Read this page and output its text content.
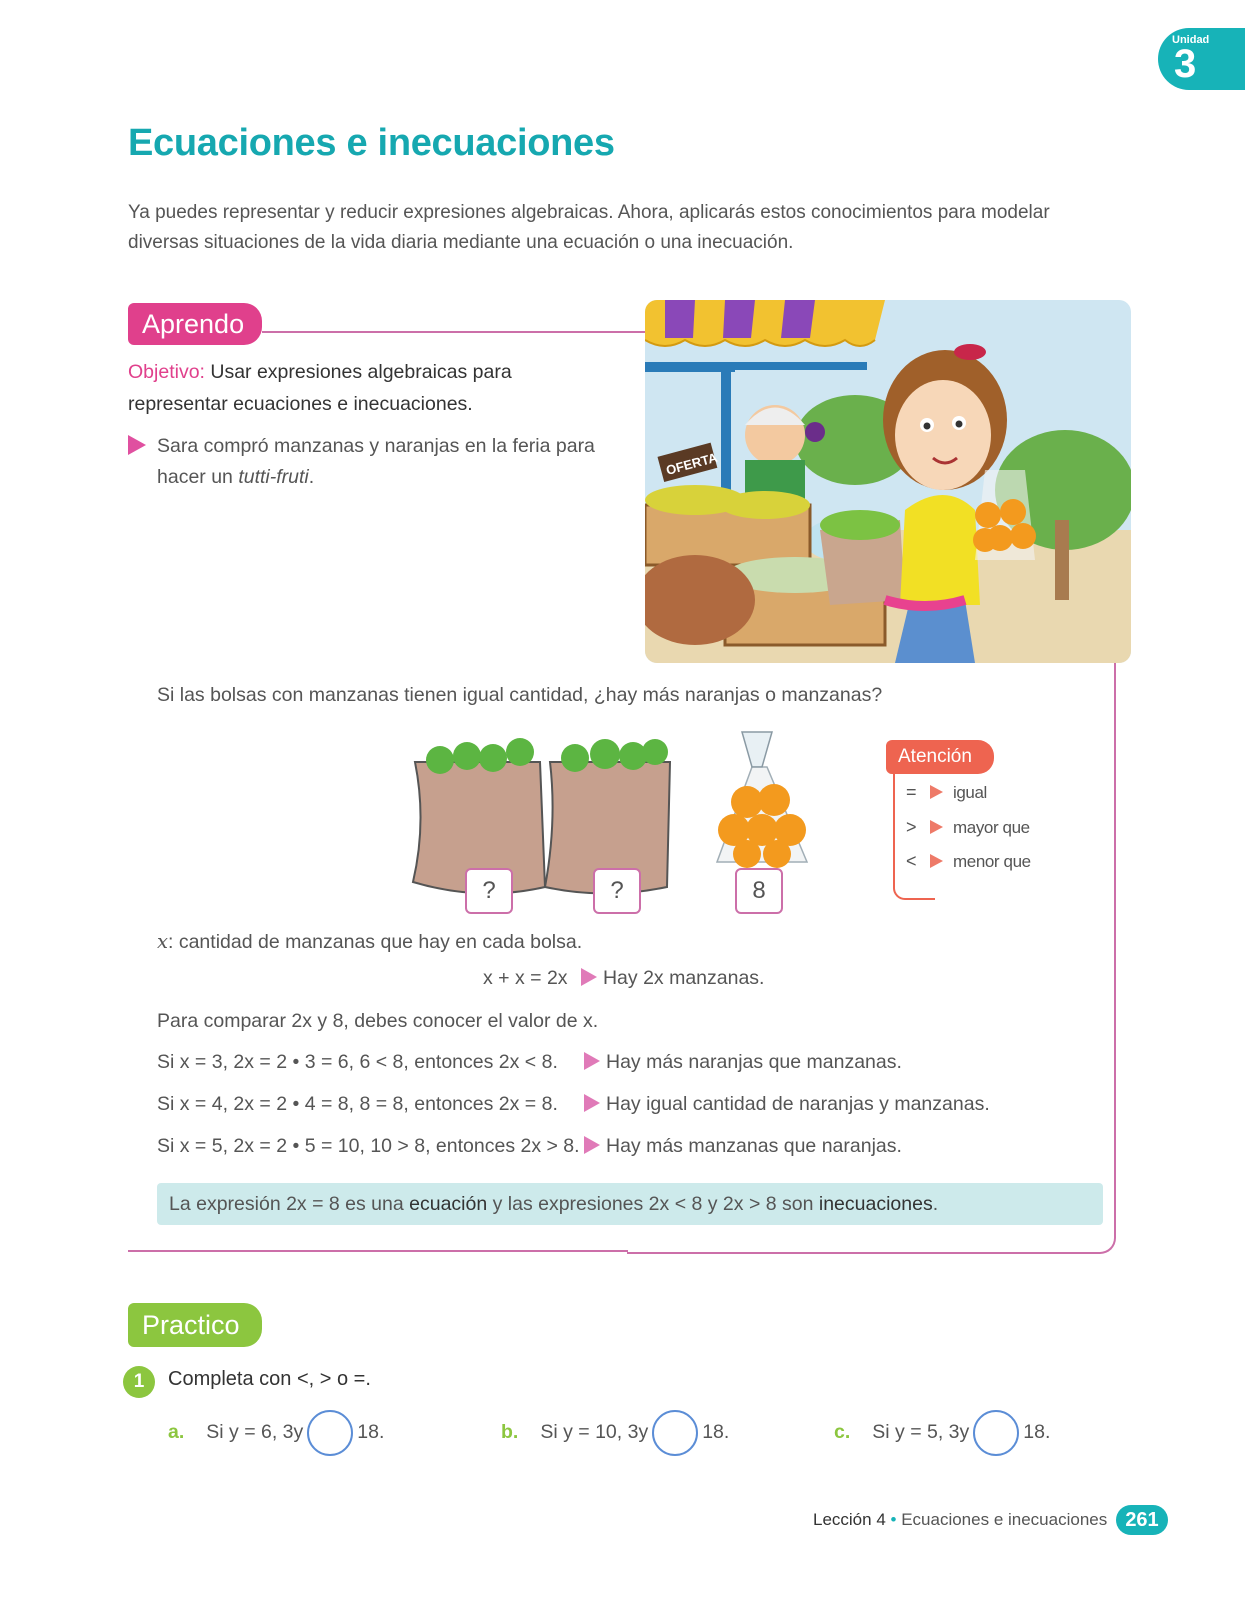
Unidad
3
Ecuaciones e inecuaciones
Ya puedes representar y reducir expresiones algebraicas. Ahora, aplicarás estos conocimientos para modelar diversas situaciones de la vida diaria mediante una ecuación o una inecuación.
Aprendo
Objetivo: Usar expresiones algebraicas para representar ecuaciones e inecuaciones.
Sara compró manzanas y naranjas en la feria para hacer un tutti-fruti.	OFERTA
Si las bolsas con manzanas tienen igual cantidad, ¿hay más naranjas o manzanas?
?	?	8
Atención
= igual
> mayor que
< menor que
x: cantidad de manzanas que hay en cada bolsa.
x + x = 2x Hay 2x manzanas.
Para comparar 2x y 8, debes conocer el valor de x.
Si x = 3, 2x = 2 • 3 = 6, 6 < 8, entonces 2x < 8.	Hay más naranjas que manzanas.
Si x = 4, 2x = 2 • 4 = 8, 8 = 8, entonces 2x = 8.	Hay igual cantidad de naranjas y manzanas.
Si x = 5, 2x = 2 • 5 = 10, 10 > 8, entonces 2x > 8.	Hay más manzanas que naranjas.
La expresión 2x = 8 es una ecuación y las expresiones 2x < 8 y 2x > 8 son inecuaciones.
Practico
1	Completa con <, > o =.
a. Si y = 6, 3y	18.	b. Si y = 10, 3y	18.	c. Si y = 5, 3y	18.
Lección 4 • Ecuaciones e inecuaciones 261
